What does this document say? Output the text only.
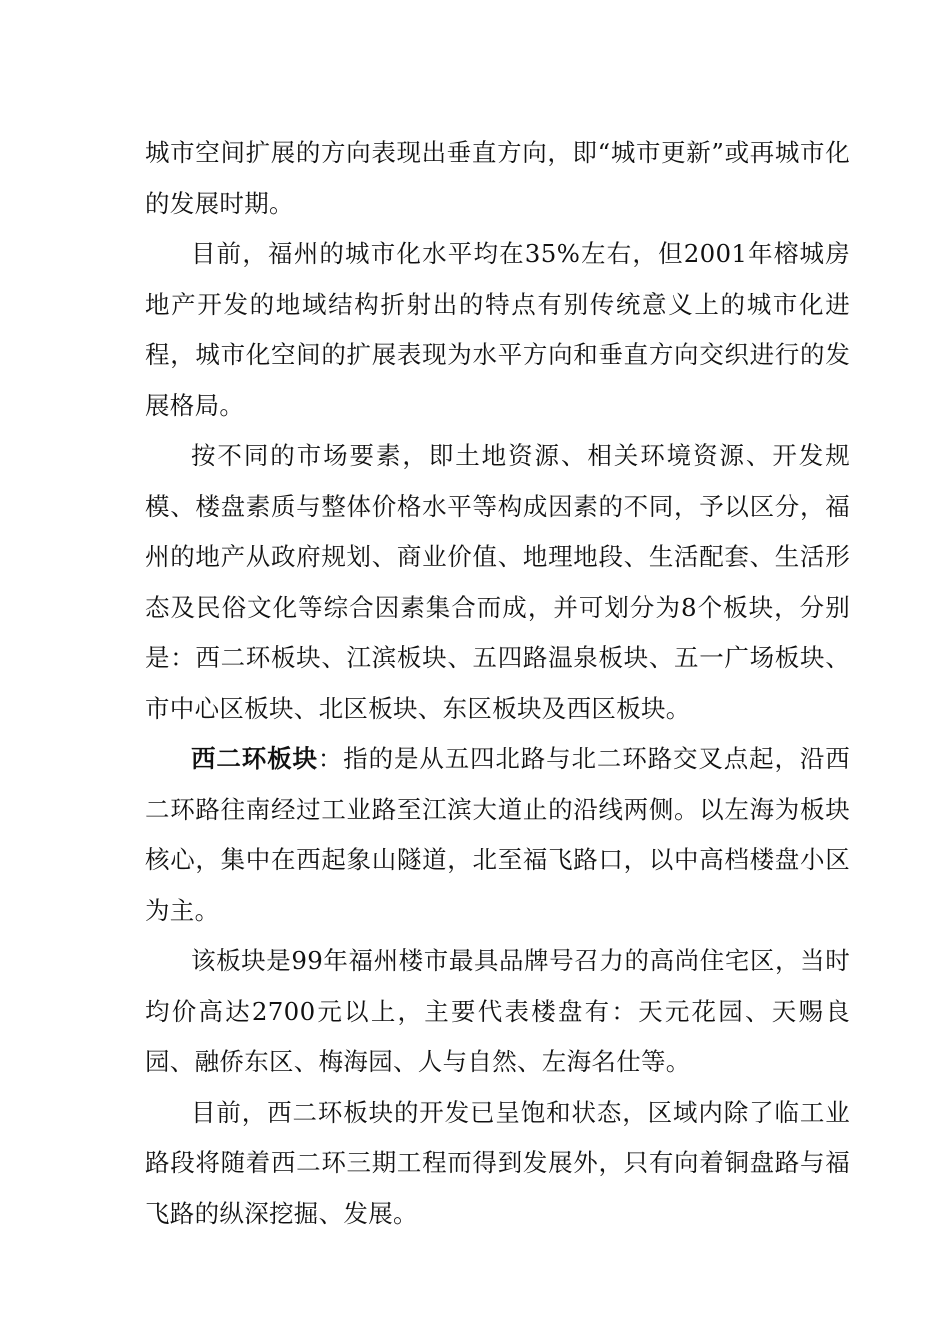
城市空间扩展的方向表现出垂直方向，即“城市更新”或再城市化的发展时期。

目前，福州的城市化水平均在35%左右，但2001年榕城房地产开发的地域结构折射出的特点有别传统意义上的城市化进程，城市化空间的扩展表现为水平方向和垂直方向交织进行的发展格局。

按不同的市场要素，即土地资源、相关环境资源、开发规模、楼盘素质与整体价格水平等构成因素的不同，予以区分，福州的地产从政府规划、商业价值、地理地段、生活配套、生活形态及民俗文化等综合因素集合而成，并可划分为8个板块，分别是：西二环板块、江滨板块、五四路温泉板块、五一广场板块、市中心区板块、北区板块、东区板块及西区板块。

西二环板块：指的是从五四北路与北二环路交叉点起，沿西二环路往南经过工业路至江滨大道止的沿线两侧。以左海为板块核心，集中在西起象山隧道，北至福飞路口，以中高档楼盘小区为主。

该板块是99年福州楼市最具品牌号召力的高尚住宅区，当时均价高达2700元以上，主要代表楼盘有：天元花园、天赐良园、融侨东区、梅海园、人与自然、左海名仕等。

目前，西二环板块的开发已呈饱和状态，区域内除了临工业路段将随着西二环三期工程而得到发展外，只有向着铜盘路与福飞路的纵深挖掘、发展。
